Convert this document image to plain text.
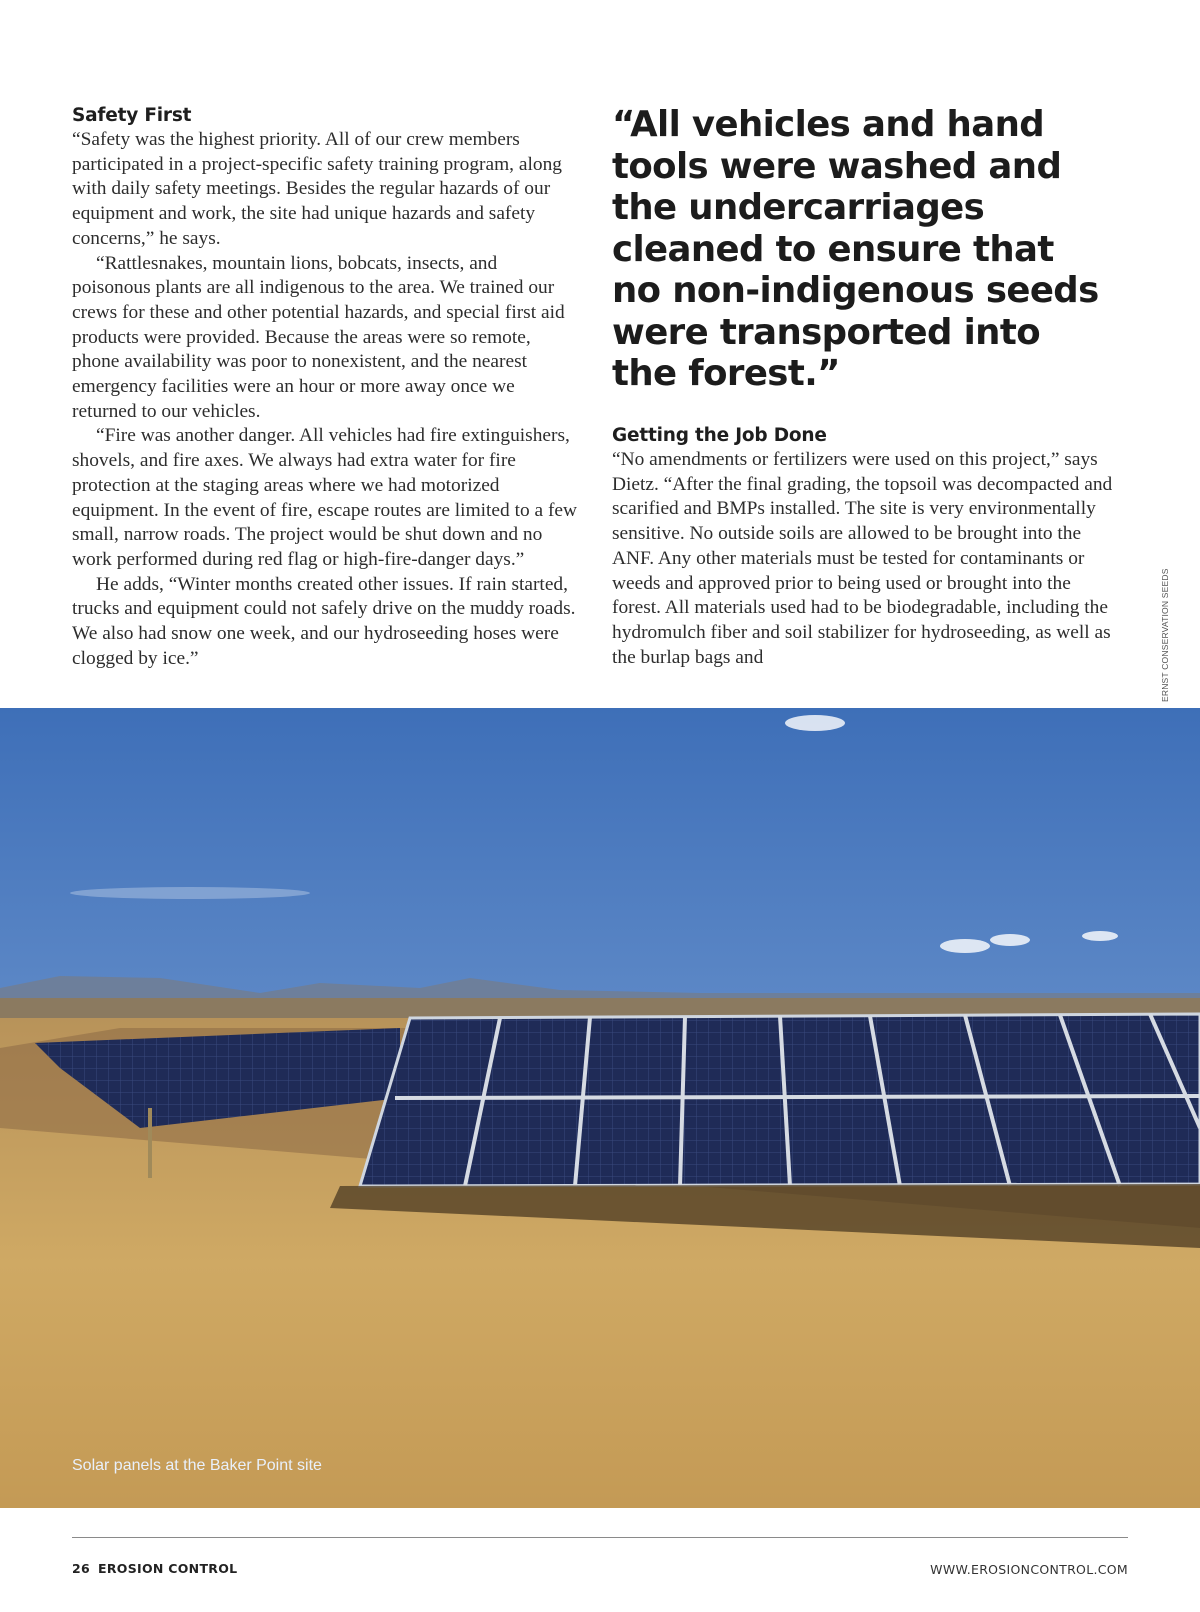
Safety First

“Safety was the highest priority. All of our crew members participated in a project-specific safety training program, along with daily safety meetings. Besides the regular hazards of our equipment and work, the site had unique hazards and safety concerns,” he says.

“Rattlesnakes, mountain lions, bobcats, insects, and poisonous plants are all indigenous to the area. We trained our crews for these and other potential hazards, and special first aid products were provided. Because the areas were so remote, phone availability was poor to nonexistent, and the nearest emergency facilities were an hour or more away once we returned to our vehicles.

“Fire was another danger. All vehicles had fire extinguishers, shovels, and fire axes. We always had extra water for fire protection at the staging areas where we had motorized equipment. In the event of fire, escape routes are limited to a few small, narrow roads. The project would be shut down and no work performed during red flag or high-fire-danger days.”

He adds, “Winter months created other issues. If rain started, trucks and equipment could not safely drive on the muddy roads. We also had snow one week, and our hydroseeding hoses were clogged by ice.”

“All vehicles and hand tools were washed and the undercarriages cleaned to ensure that no non-indigenous seeds were transported into the forest.”

Getting the Job Done

“No amendments or fertilizers were used on this project,” says Dietz. “After the final grading, the topsoil was decompacted and scarified and BMPs installed. The site is very environmentally sensitive. No outside soils are allowed to be brought into the ANF. Any other materials must be tested for contaminants or weeds and approved prior to being used or brought into the forest. All materials used had to be biodegradable, including the hydromulch fiber and soil stabilizer for hydroseeding, as well as the burlap bags and	ERNST CONSERVATION SEEDS
Solar panels at the Baker Point site
26 EROSION CONTROL	WWW.EROSIONCONTROL.COM
